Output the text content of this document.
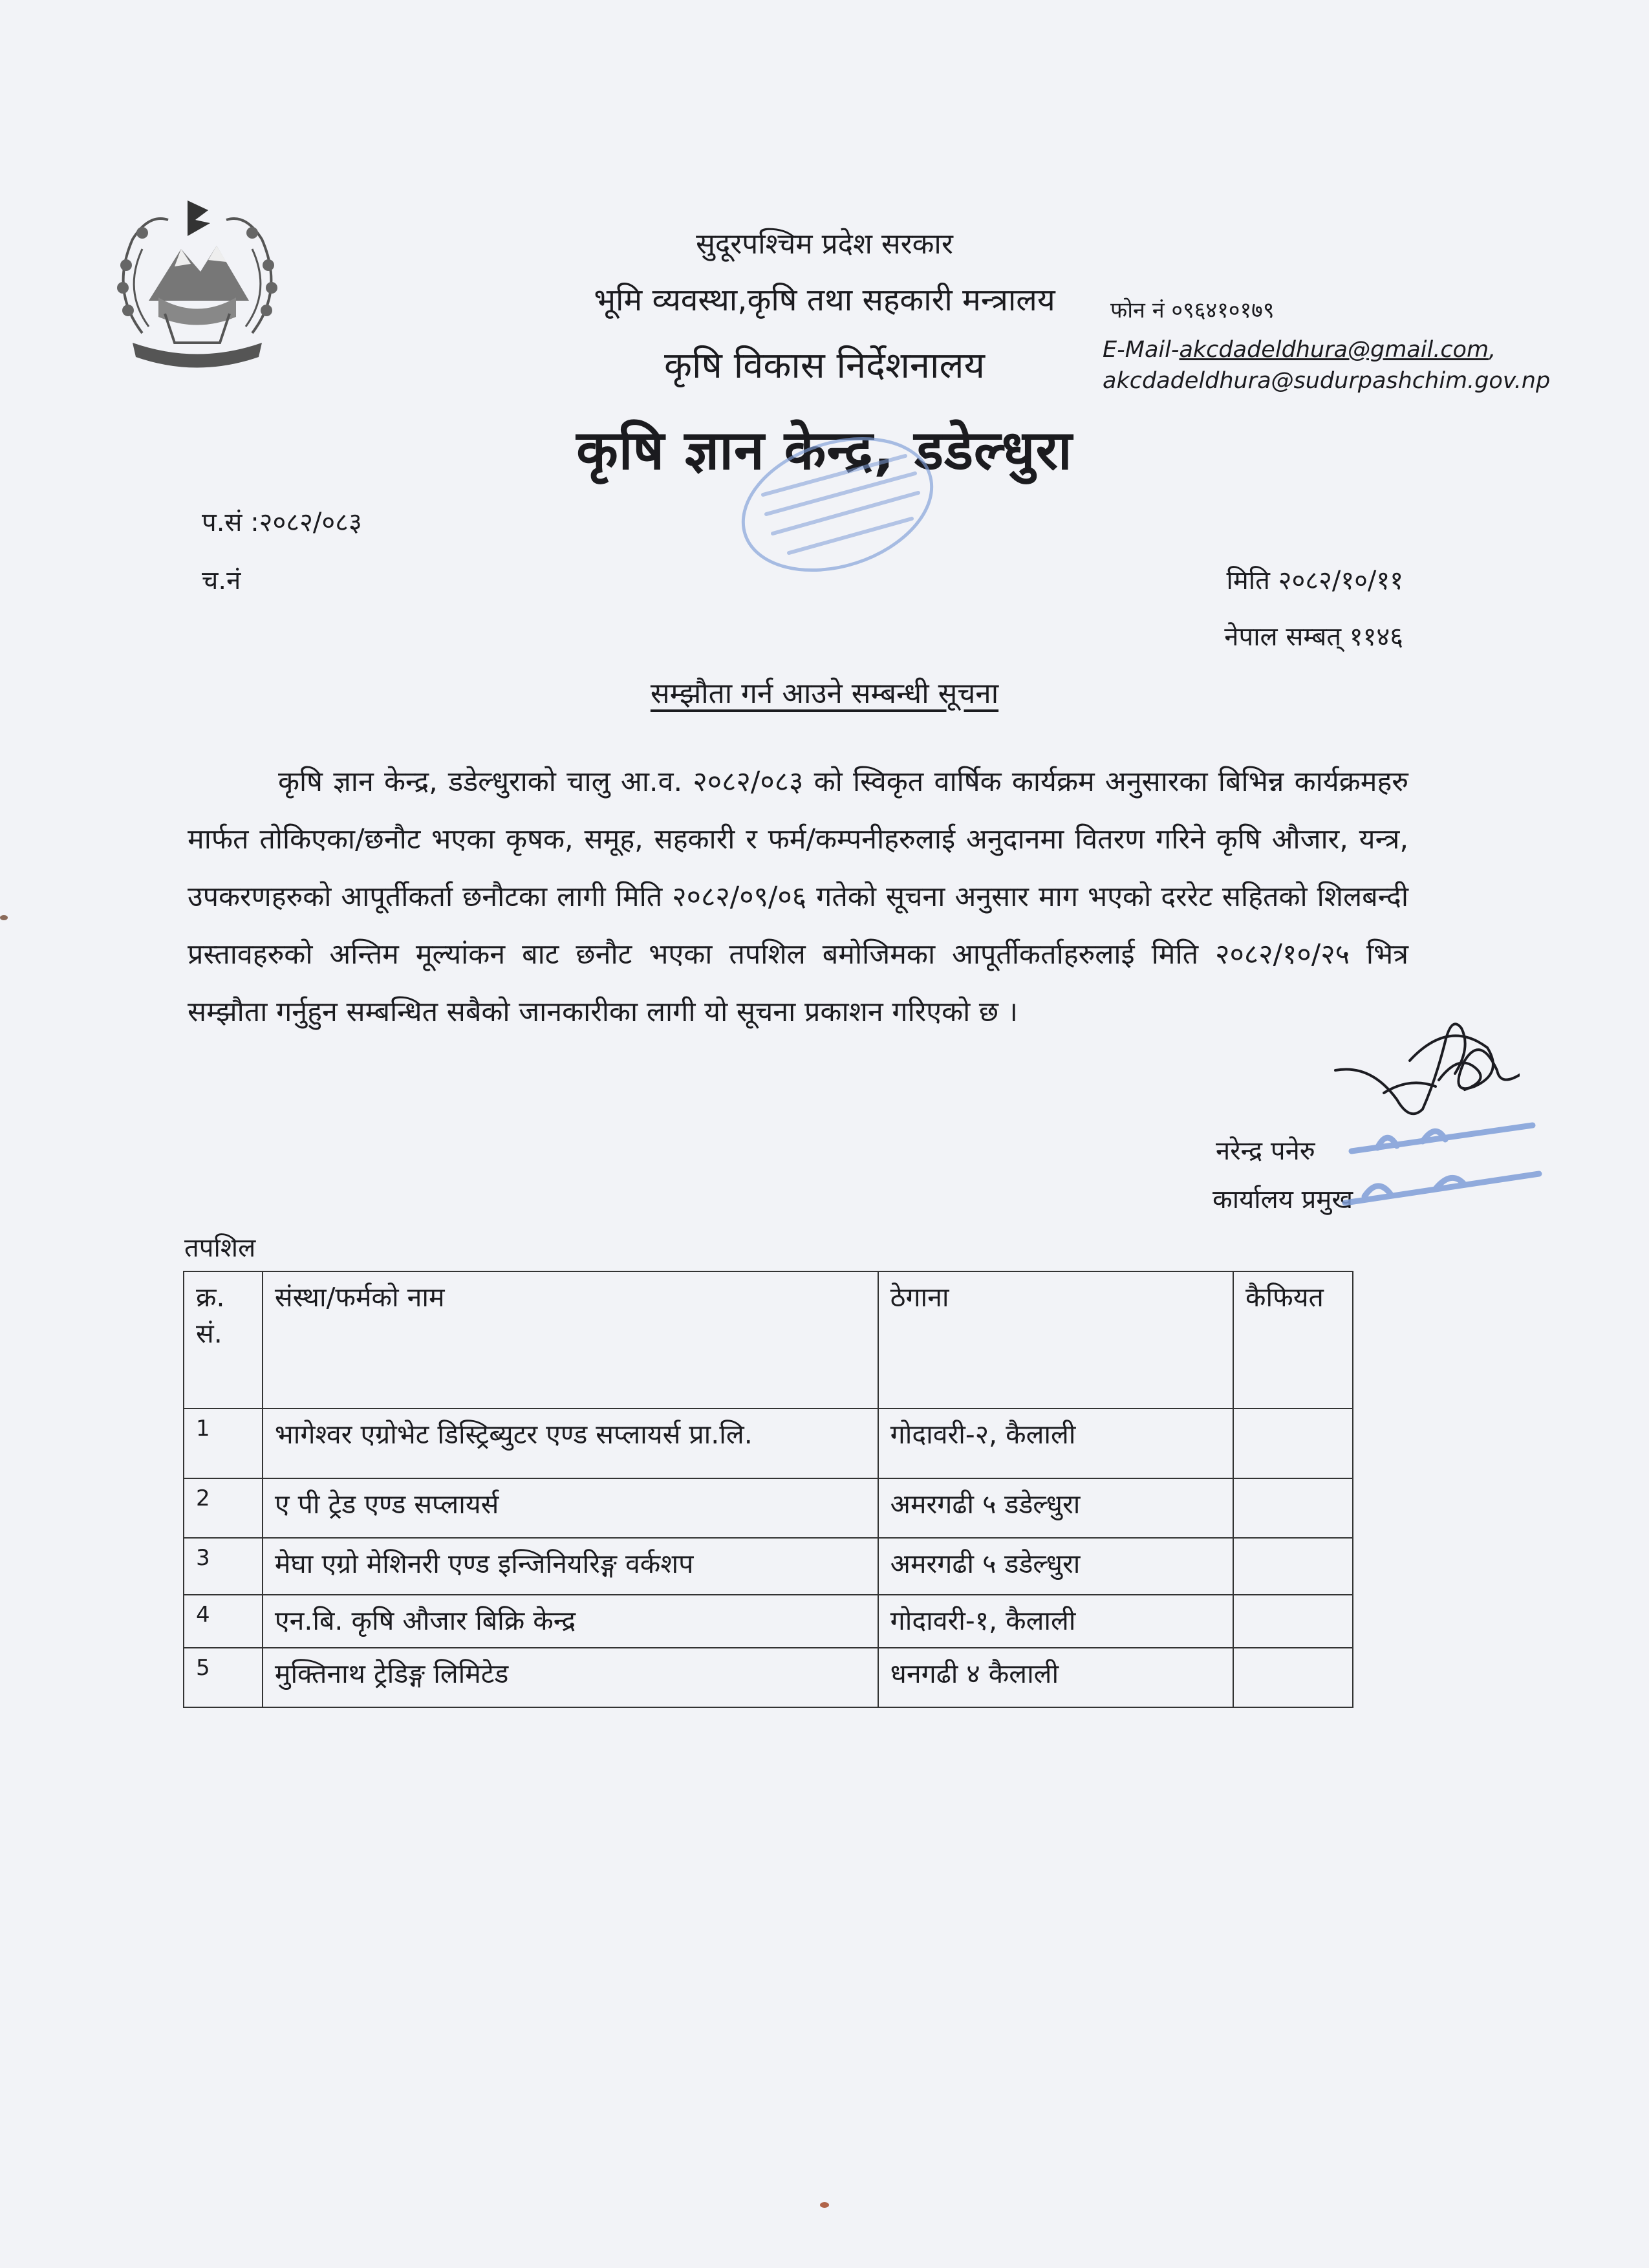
सुदूरपश्चिम प्रदेश सरकार
भूमि व्यवस्था,कृषि तथा सहकारी मन्त्रालय
कृषि विकास निर्देशनालय
कृषि ज्ञान केन्द्र, डडेल्धुरा
फोन नं ०९६४१०१७९
E-Mail-akcdadeldhura@gmail.com,
akcdadeldhura@sudurpashchim.gov.np
प.सं :२०८२/०८३
च.नं	मिति २०८२/१०/११
नेपाल सम्बत् ११४६
सम्झौता गर्न आउने सम्बन्धी सूचना
कृषि ज्ञान केन्द्र, डडेल्धुराको चालु आ.व. २०८२/०८३ को स्विकृत वार्षिक कार्यक्रम अनुसारका बिभिन्न कार्यक्रमहरु मार्फत तोकिएका/छनौट भएका कृषक, समूह, सहकारी र फर्म/कम्पनीहरुलाई अनुदानमा वितरण गरिने कृषि औजार, यन्त्र, उपकरणहरुको आपूर्तीकर्ता छनौटका लागी मिति २०८२/०९/०६ गतेको सूचना अनुसार माग भएको दररेट सहितको शिलबन्दी प्रस्तावहरुको अन्तिम मूल्यांकन बाट छनौट भएका तपशिल बमोजिमका आपूर्तीकर्ताहरुलाई मिति २०८२/१०/२५ भित्र सम्झौता गर्नुहुन सम्बन्धित सबैको जानकारीका लागी यो सूचना प्रकाशन गरिएको छ ।
नरेन्द्र पनेरु
कार्यालय प्रमुख
तपशिल
क्र. सं.	संस्था/फर्मको नाम	ठेगाना	कैफियत
1	भागेश्वर एग्रोभेट डिस्ट्रिब्युटर एण्ड सप्लायर्स प्रा.लि.	गोदावरी-२, कैलाली	
2	ए पी ट्रेड एण्ड सप्लायर्स	अमरगढी ५ डडेल्धुरा	
3	मेघा एग्रो मेशिनरी एण्ड इन्जिनियरिङ्ग वर्कशप	अमरगढी ५ डडेल्धुरा	
4	एन.बि. कृषि औजार बिक्रि केन्द्र	गोदावरी-१, कैलाली	
5	मुक्तिनाथ ट्रेडिङ्ग लिमिटेड	धनगढी ४ कैलाली	
